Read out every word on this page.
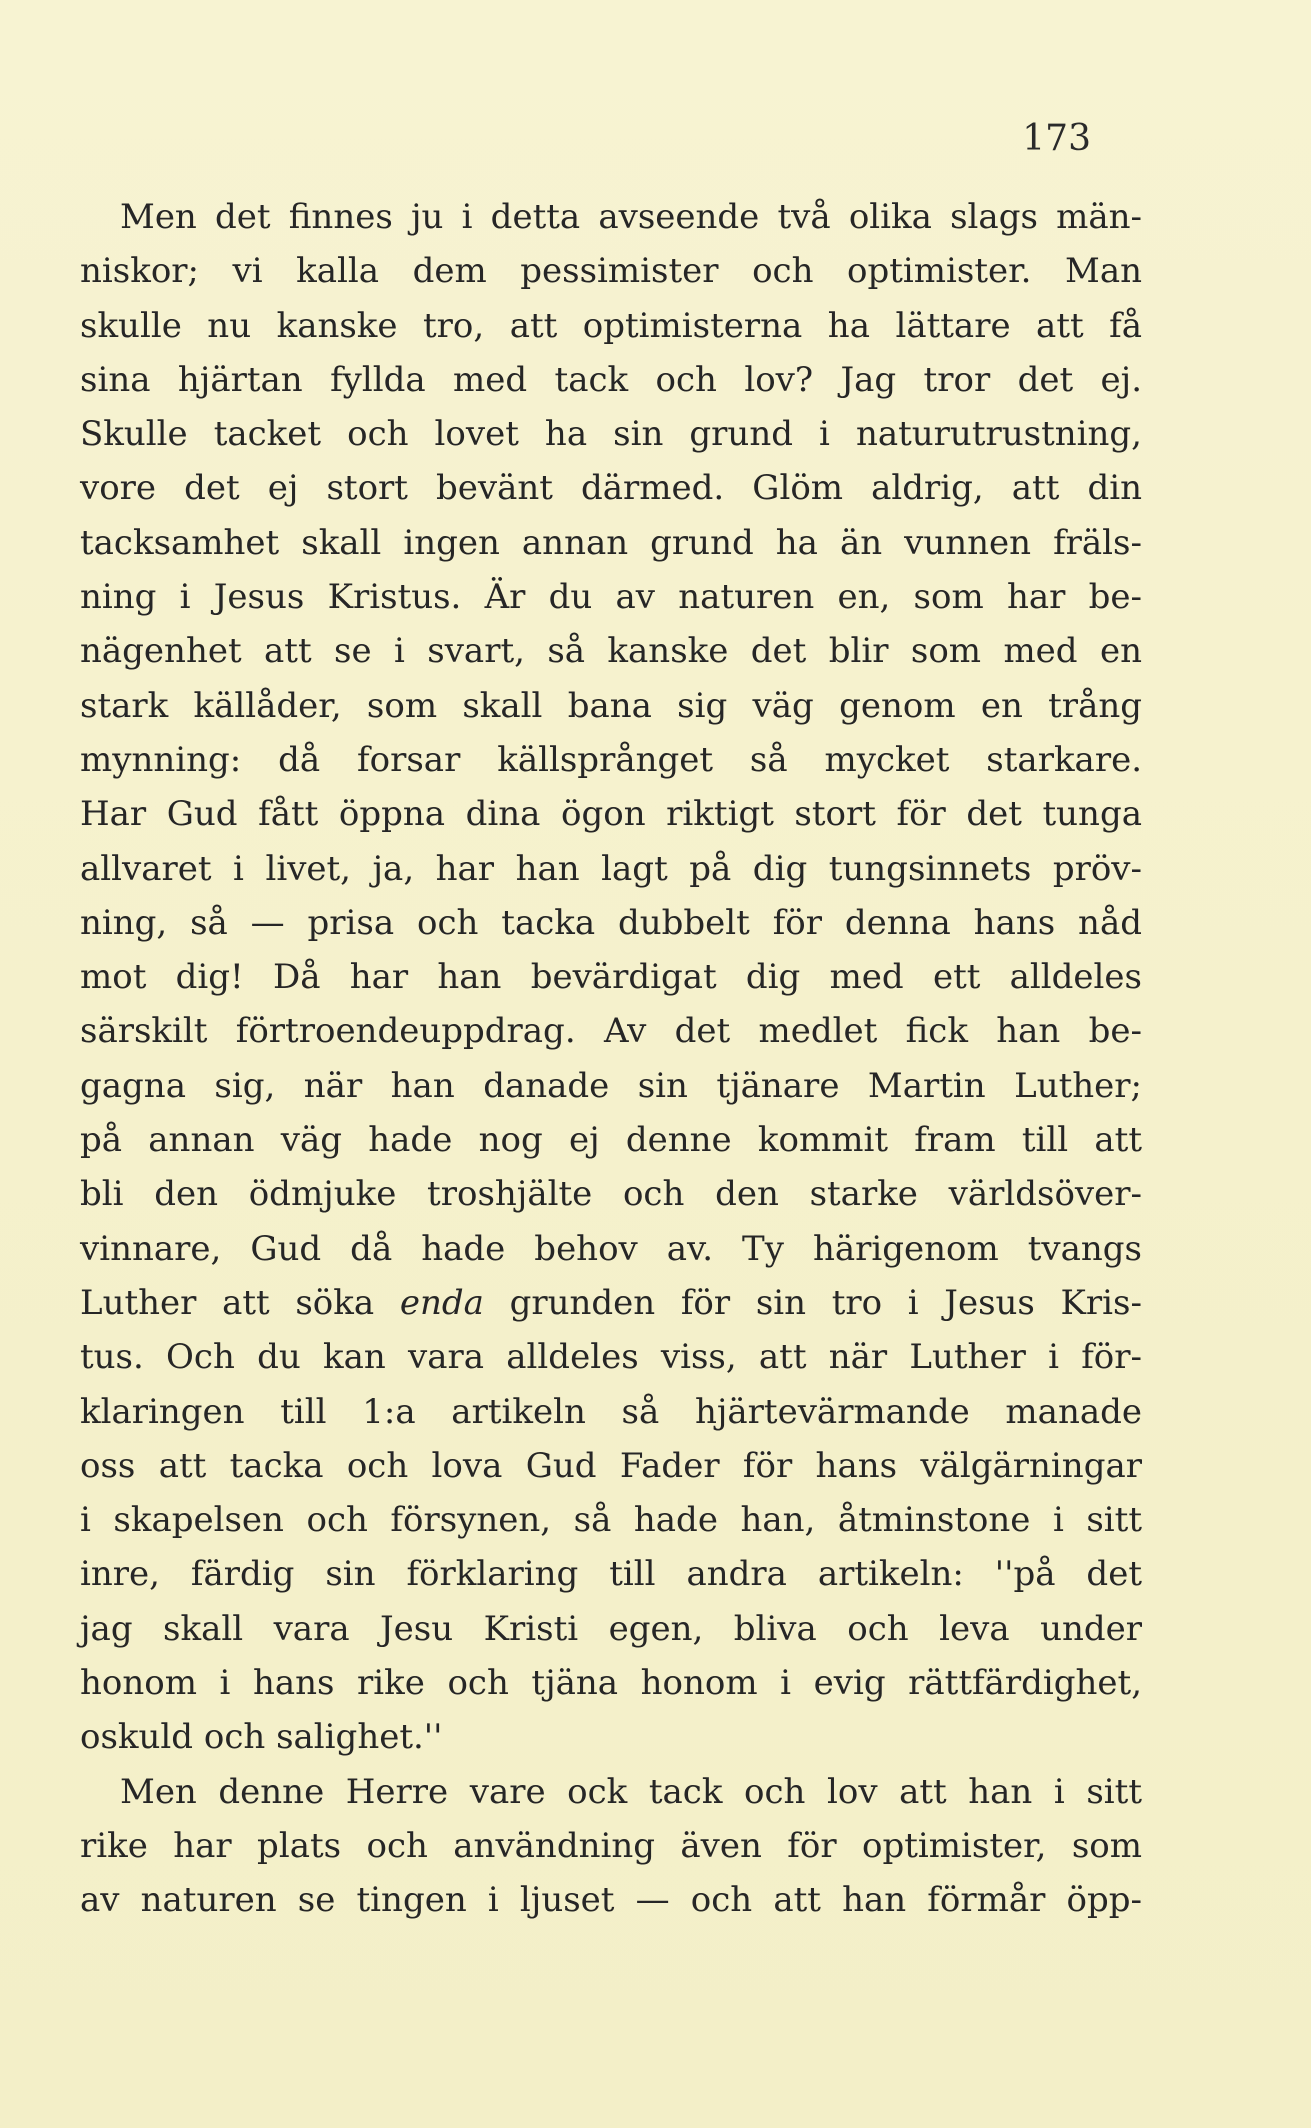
173
Men det finnes ju i detta avseende två olika slags män-
niskor; vi kalla dem pessimister och optimister. Man
skulle nu kanske tro, att optimisterna ha lättare att få
sina hjärtan fyllda med tack och lov? Jag tror det ej.
Skulle tacket och lovet ha sin grund i naturutrustning,
vore det ej stort bevänt därmed. Glöm aldrig, att din
tacksamhet skall ingen annan grund ha än vunnen fräls-
ning i Jesus Kristus. Är du av naturen en, som har be-
nägenhet att se i svart, så kanske det blir som med en
stark källåder, som skall bana sig väg genom en trång
mynning: då forsar källsprånget så mycket starkare.
Har Gud fått öppna dina ögon riktigt stort för det tunga
allvaret i livet, ja, har han lagt på dig tungsinnets pröv-
ning, så — prisa och tacka dubbelt för denna hans nåd
mot dig! Då har han bevärdigat dig med ett alldeles
särskilt förtroendeuppdrag. Av det medlet fick han be-
gagna sig, när han danade sin tjänare Martin Luther;
på annan väg hade nog ej denne kommit fram till att
bli den ödmjuke troshjälte och den starke världsöver-
vinnare, Gud då hade behov av. Ty härigenom tvangs
Luther att söka enda grunden för sin tro i Jesus Kris-
tus. Och du kan vara alldeles viss, att när Luther i för-
klaringen till 1:a artikeln så hjärtevärmande manade
oss att tacka och lova Gud Fader för hans välgärningar
i skapelsen och försynen, så hade han, åtminstone i sitt
inre, färdig sin förklaring till andra artikeln: ''på det
jag skall vara Jesu Kristi egen, bliva och leva under
honom i hans rike och tjäna honom i evig rättfärdighet,
oskuld och salighet.''
Men denne Herre vare ock tack och lov att han i sitt
rike har plats och användning även för optimister, som
av naturen se tingen i ljuset — och att han förmår öpp-
